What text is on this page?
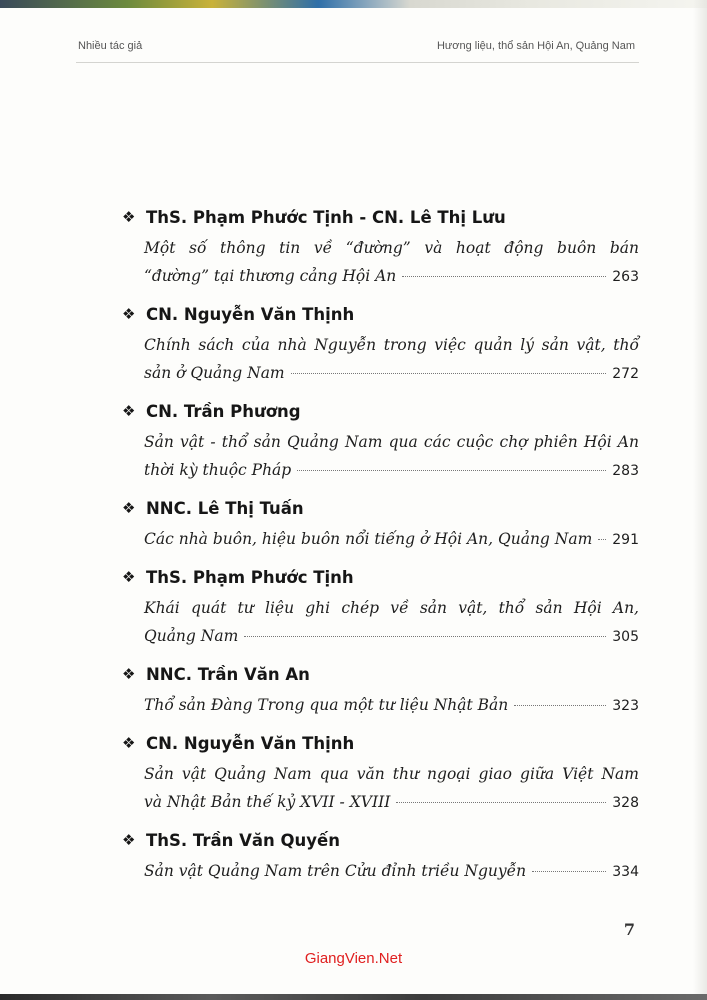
Nhiều tác giả	Hương liệu, thổ sản Hội An, Quảng Nam
❖ ThS. Phạm Phước Tịnh - CN. Lê Thị Lưu
Một số thông tin về “đường” và hoạt động buôn bán
“đường” tại thương cảng Hội An	263
❖ CN. Nguyễn Văn Thịnh
Chính sách của nhà Nguyễn trong việc quản lý sản vật, thổ
sản ở Quảng Nam	272
❖ CN. Trần Phương
Sản vật - thổ sản Quảng Nam qua các cuộc chợ phiên Hội An
thời kỳ thuộc Pháp	283
❖ NNC. Lê Thị Tuấn
Các nhà buôn, hiệu buôn nổi tiếng ở Hội An, Quảng Nam 291
❖ ThS. Phạm Phước Tịnh
Khái quát tư liệu ghi chép về sản vật, thổ sản Hội An,
Quảng Nam	305
❖ NNC. Trần Văn An
Thổ sản Đàng Trong qua một tư liệu Nhật Bản	323
❖ CN. Nguyễn Văn Thịnh
Sản vật Quảng Nam qua văn thư ngoại giao giữa Việt Nam
và Nhật Bản thế kỷ XVII - XVIII	328
❖ ThS. Trần Văn Quyến
Sản vật Quảng Nam trên Cửu đỉnh triều Nguyễn	334
7
GiangVien.Net
